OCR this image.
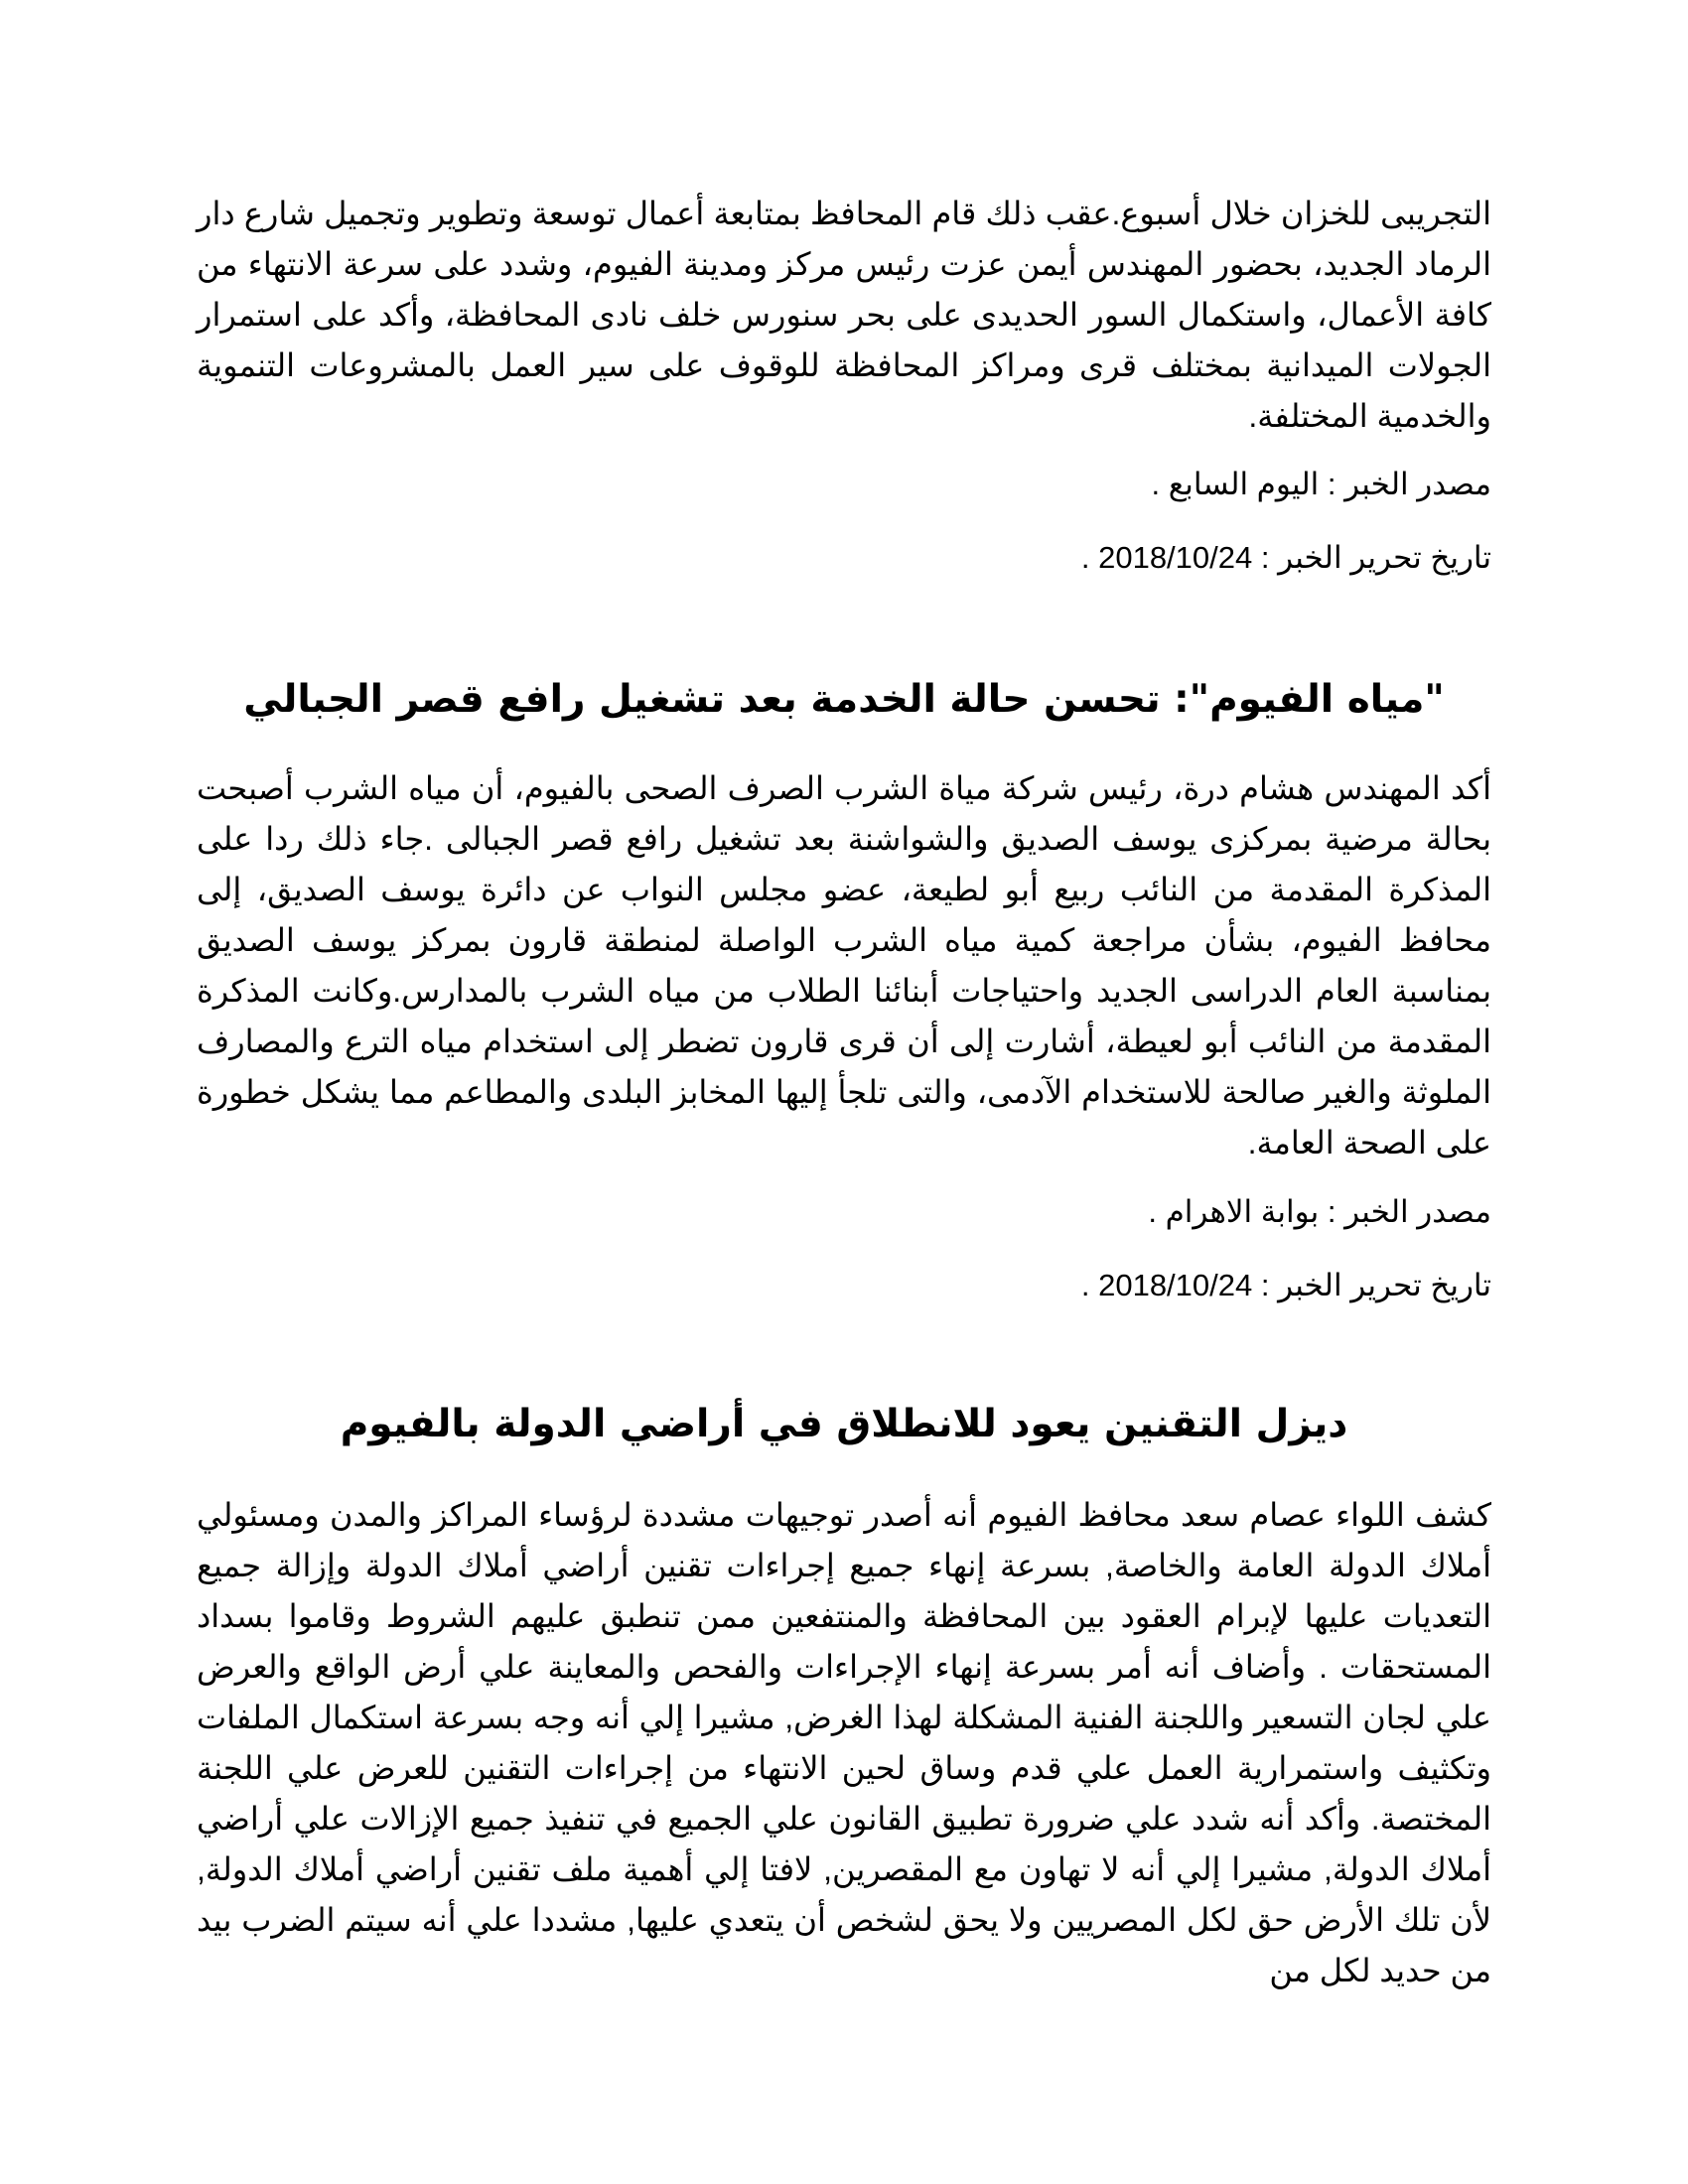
التجريبى للخزان خلال أسبوع.عقب ذلك قام المحافظ بمتابعة أعمال توسعة وتطوير وتجميل شارع دار الرماد الجديد، بحضور المهندس أيمن عزت رئيس مركز ومدينة الفيوم، وشدد على سرعة الانتهاء من كافة الأعمال، واستكمال السور الحديدى على بحر سنورس خلف نادى المحافظة، وأكد على استمرار الجولات الميدانية بمختلف قرى ومراكز المحافظة للوقوف على سير العمل بالمشروعات التنموية والخدمية المختلفة.

مصدر الخبر : اليوم السابع .

تاريخ تحرير الخبر : 2018/10/24 .

"مياه الفيوم": تحسن حالة الخدمة بعد تشغيل رافع قصر الجبالي

أكد المهندس هشام درة، رئيس شركة مياة الشرب الصرف الصحى بالفيوم، أن مياه الشرب أصبحت بحالة مرضية بمركزى يوسف الصديق والشواشنة بعد تشغيل رافع قصر الجبالى .جاء ذلك ردا على المذكرة المقدمة من النائب ربيع أبو لطيعة، عضو مجلس النواب عن دائرة يوسف الصديق، إلى محافظ الفيوم، بشأن مراجعة كمية مياه الشرب الواصلة لمنطقة قارون بمركز يوسف الصديق بمناسبة العام الدراسى الجديد واحتياجات أبنائنا الطلاب من مياه الشرب بالمدارس.وكانت المذكرة المقدمة من النائب أبو لعيطة، أشارت إلى أن قرى قارون تضطر إلى استخدام مياه الترع والمصارف الملوثة والغير صالحة للاستخدام الآدمى، والتى تلجأ إليها المخابز البلدى والمطاعم مما يشكل خطورة على الصحة العامة.

مصدر الخبر : بوابة الاهرام .

تاريخ تحرير الخبر : 2018/10/24 .

ديزل التقنين يعود للانطلاق في أراضي الدولة بالفيوم

كشف اللواء عصام سعد محافظ الفيوم أنه أصدر توجيهات مشددة لرؤساء المراكز والمدن ومسئولي أملاك الدولة العامة والخاصة, بسرعة إنهاء جميع إجراءات تقنين أراضي أملاك الدولة وإزالة جميع التعديات عليها لإبرام العقود بين المحافظة والمنتفعين ممن تنطبق عليهم الشروط وقاموا بسداد المستحقات . وأضاف أنه أمر بسرعة إنهاء الإجراءات والفحص والمعاينة علي أرض الواقع والعرض علي لجان التسعير واللجنة الفنية المشكلة لهذا الغرض, مشيرا إلي أنه وجه بسرعة استكمال الملفات وتكثيف واستمرارية العمل علي قدم وساق لحين الانتهاء من إجراءات التقنين للعرض علي اللجنة المختصة. وأكد أنه شدد علي ضرورة تطبيق القانون علي الجميع في تنفيذ جميع الإزالات علي أراضي أملاك الدولة, مشيرا إلي أنه لا تهاون مع المقصرين, لافتا إلي أهمية ملف تقنين أراضي أملاك الدولة, لأن تلك الأرض حق لكل المصريين ولا يحق لشخص أن يتعدي عليها, مشددا علي أنه سيتم الضرب بيد من حديد لكل من
